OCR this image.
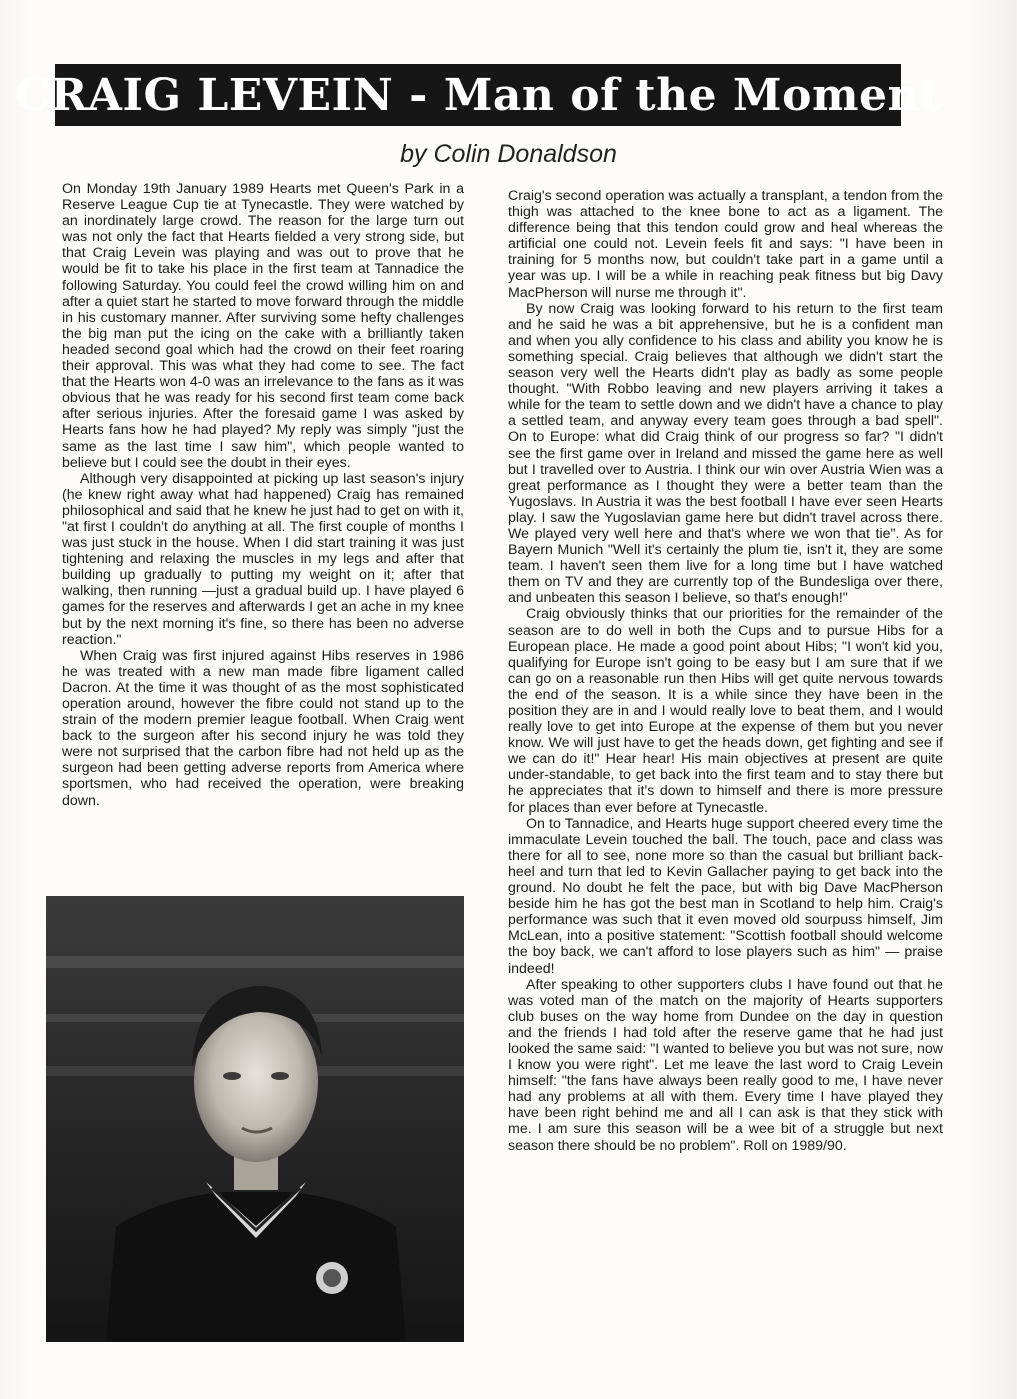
CRAIG LEVEIN - Man of the Moment
by Colin Donaldson

On Monday 19th January 1989 Hearts met Queen's Park in a Reserve League Cup tie at Tynecastle. They were watched by an inordinately large crowd. The reason for the large turn out was not only the fact that Hearts fielded a very strong side, but that Craig Levein was playing and was out to prove that he would be fit to take his place in the first team at Tannadice the following Saturday. You could feel the crowd willing him on and after a quiet start he started to move forward through the middle in his customary manner. After surviving some hefty challenges the big man put the icing on the cake with a brilliantly taken headed second goal which had the crowd on their feet roaring their approval. This was what they had come to see. The fact that the Hearts won 4-0 was an irrelevance to the fans as it was obvious that he was ready for his second first team come back after serious injuries. After the foresaid game I was asked by Hearts fans how he had played? My reply was simply "just the same as the last time I saw him", which people wanted to believe but I could see the doubt in their eyes.

Although very disappointed at picking up last season's injury (he knew right away what had happened) Craig has remained philosophical and said that he knew he just had to get on with it, "at first I couldn't do anything at all. The first couple of months I was just stuck in the house. When I did start training it was just tightening and relaxing the muscles in my legs and after that building up gradually to putting my weight on it; after that walking, then running —just a gradual build up. I have played 6 games for the reserves and afterwards I get an ache in my knee but by the next morning it's fine, so there has been no adverse reaction."

When Craig was first injured against Hibs reserves in 1986 he was treated with a new man made fibre ligament called Dacron. At the time it was thought of as the most sophisticated operation around, however the fibre could not stand up to the strain of the modern premier league football. When Craig went back to the surgeon after his second injury he was told they were not surprised that the carbon fibre had not held up as the surgeon had been getting adverse reports from America where sportsmen, who had received the operation, were breaking down.

Craig's second operation was actually a transplant, a tendon from the thigh was attached to the knee bone to act as a ligament. The difference being that this tendon could grow and heal whereas the artificial one could not. Levein feels fit and says: "I have been in training for 5 months now, but couldn't take part in a game until a year was up. I will be a while in reaching peak fitness but big Davy MacPherson will nurse me through it".

By now Craig was looking forward to his return to the first team and he said he was a bit apprehensive, but he is a confident man and when you ally confidence to his class and ability you know he is something special. Craig believes that although we didn't start the season very well the Hearts didn't play as badly as some people thought. "With Robbo leaving and new players arriving it takes a while for the team to settle down and we didn't have a chance to play a settled team, and anyway every team goes through a bad spell". On to Europe: what did Craig think of our progress so far? "I didn't see the first game over in Ireland and missed the game here as well but I travelled over to Austria. I think our win over Austria Wien was a great performance as I thought they were a better team than the Yugoslavs. In Austria it was the best football I have ever seen Hearts play. I saw the Yugoslavian game here but didn't travel across there. We played very well here and that's where we won that tie". As for Bayern Munich "Well it's certainly the plum tie, isn't it, they are some team. I haven't seen them live for a long time but I have watched them on TV and they are currently top of the Bundesliga over there, and unbeaten this season I believe, so that's enough!"

Craig obviously thinks that our priorities for the remainder of the season are to do well in both the Cups and to pursue Hibs for a European place. He made a good point about Hibs; "I won't kid you, qualifying for Europe isn't going to be easy but I am sure that if we can go on a reasonable run then Hibs will get quite nervous towards the end of the season. It is a while since they have been in the position they are in and I would really love to beat them, and I would really love to get into Europe at the expense of them but you never know. We will just have to get the heads down, get fighting and see if we can do it!" Hear hear! His main objectives at present are quite under-standable, to get back into the first team and to stay there but he appreciates that it's down to himself and there is more pressure for places than ever before at Tynecastle.

On to Tannadice, and Hearts huge support cheered every time the immaculate Levein touched the ball. The touch, pace and class was there for all to see, none more so than the casual but brilliant back-heel and turn that led to Kevin Gallacher paying to get back into the ground. No doubt he felt the pace, but with big Dave MacPherson beside him he has got the best man in Scotland to help him. Craig's performance was such that it even moved old sourpuss himself, Jim McLean, into a positive statement: "Scottish football should welcome the boy back, we can't afford to lose players such as him" — praise indeed!

After speaking to other supporters clubs I have found out that he was voted man of the match on the majority of Hearts supporters club buses on the way home from Dundee on the day in question and the friends I had told after the reserve game that he had just looked the same said: "I wanted to believe you but was not sure, now I know you were right". Let me leave the last word to Craig Levein himself: "the fans have always been really good to me, I have never had any problems at all with them. Every time I have played they have been right behind me and all I can ask is that they stick with me. I am sure this season will be a wee bit of a struggle but next season there should be no problem". Roll on 1989/90.
